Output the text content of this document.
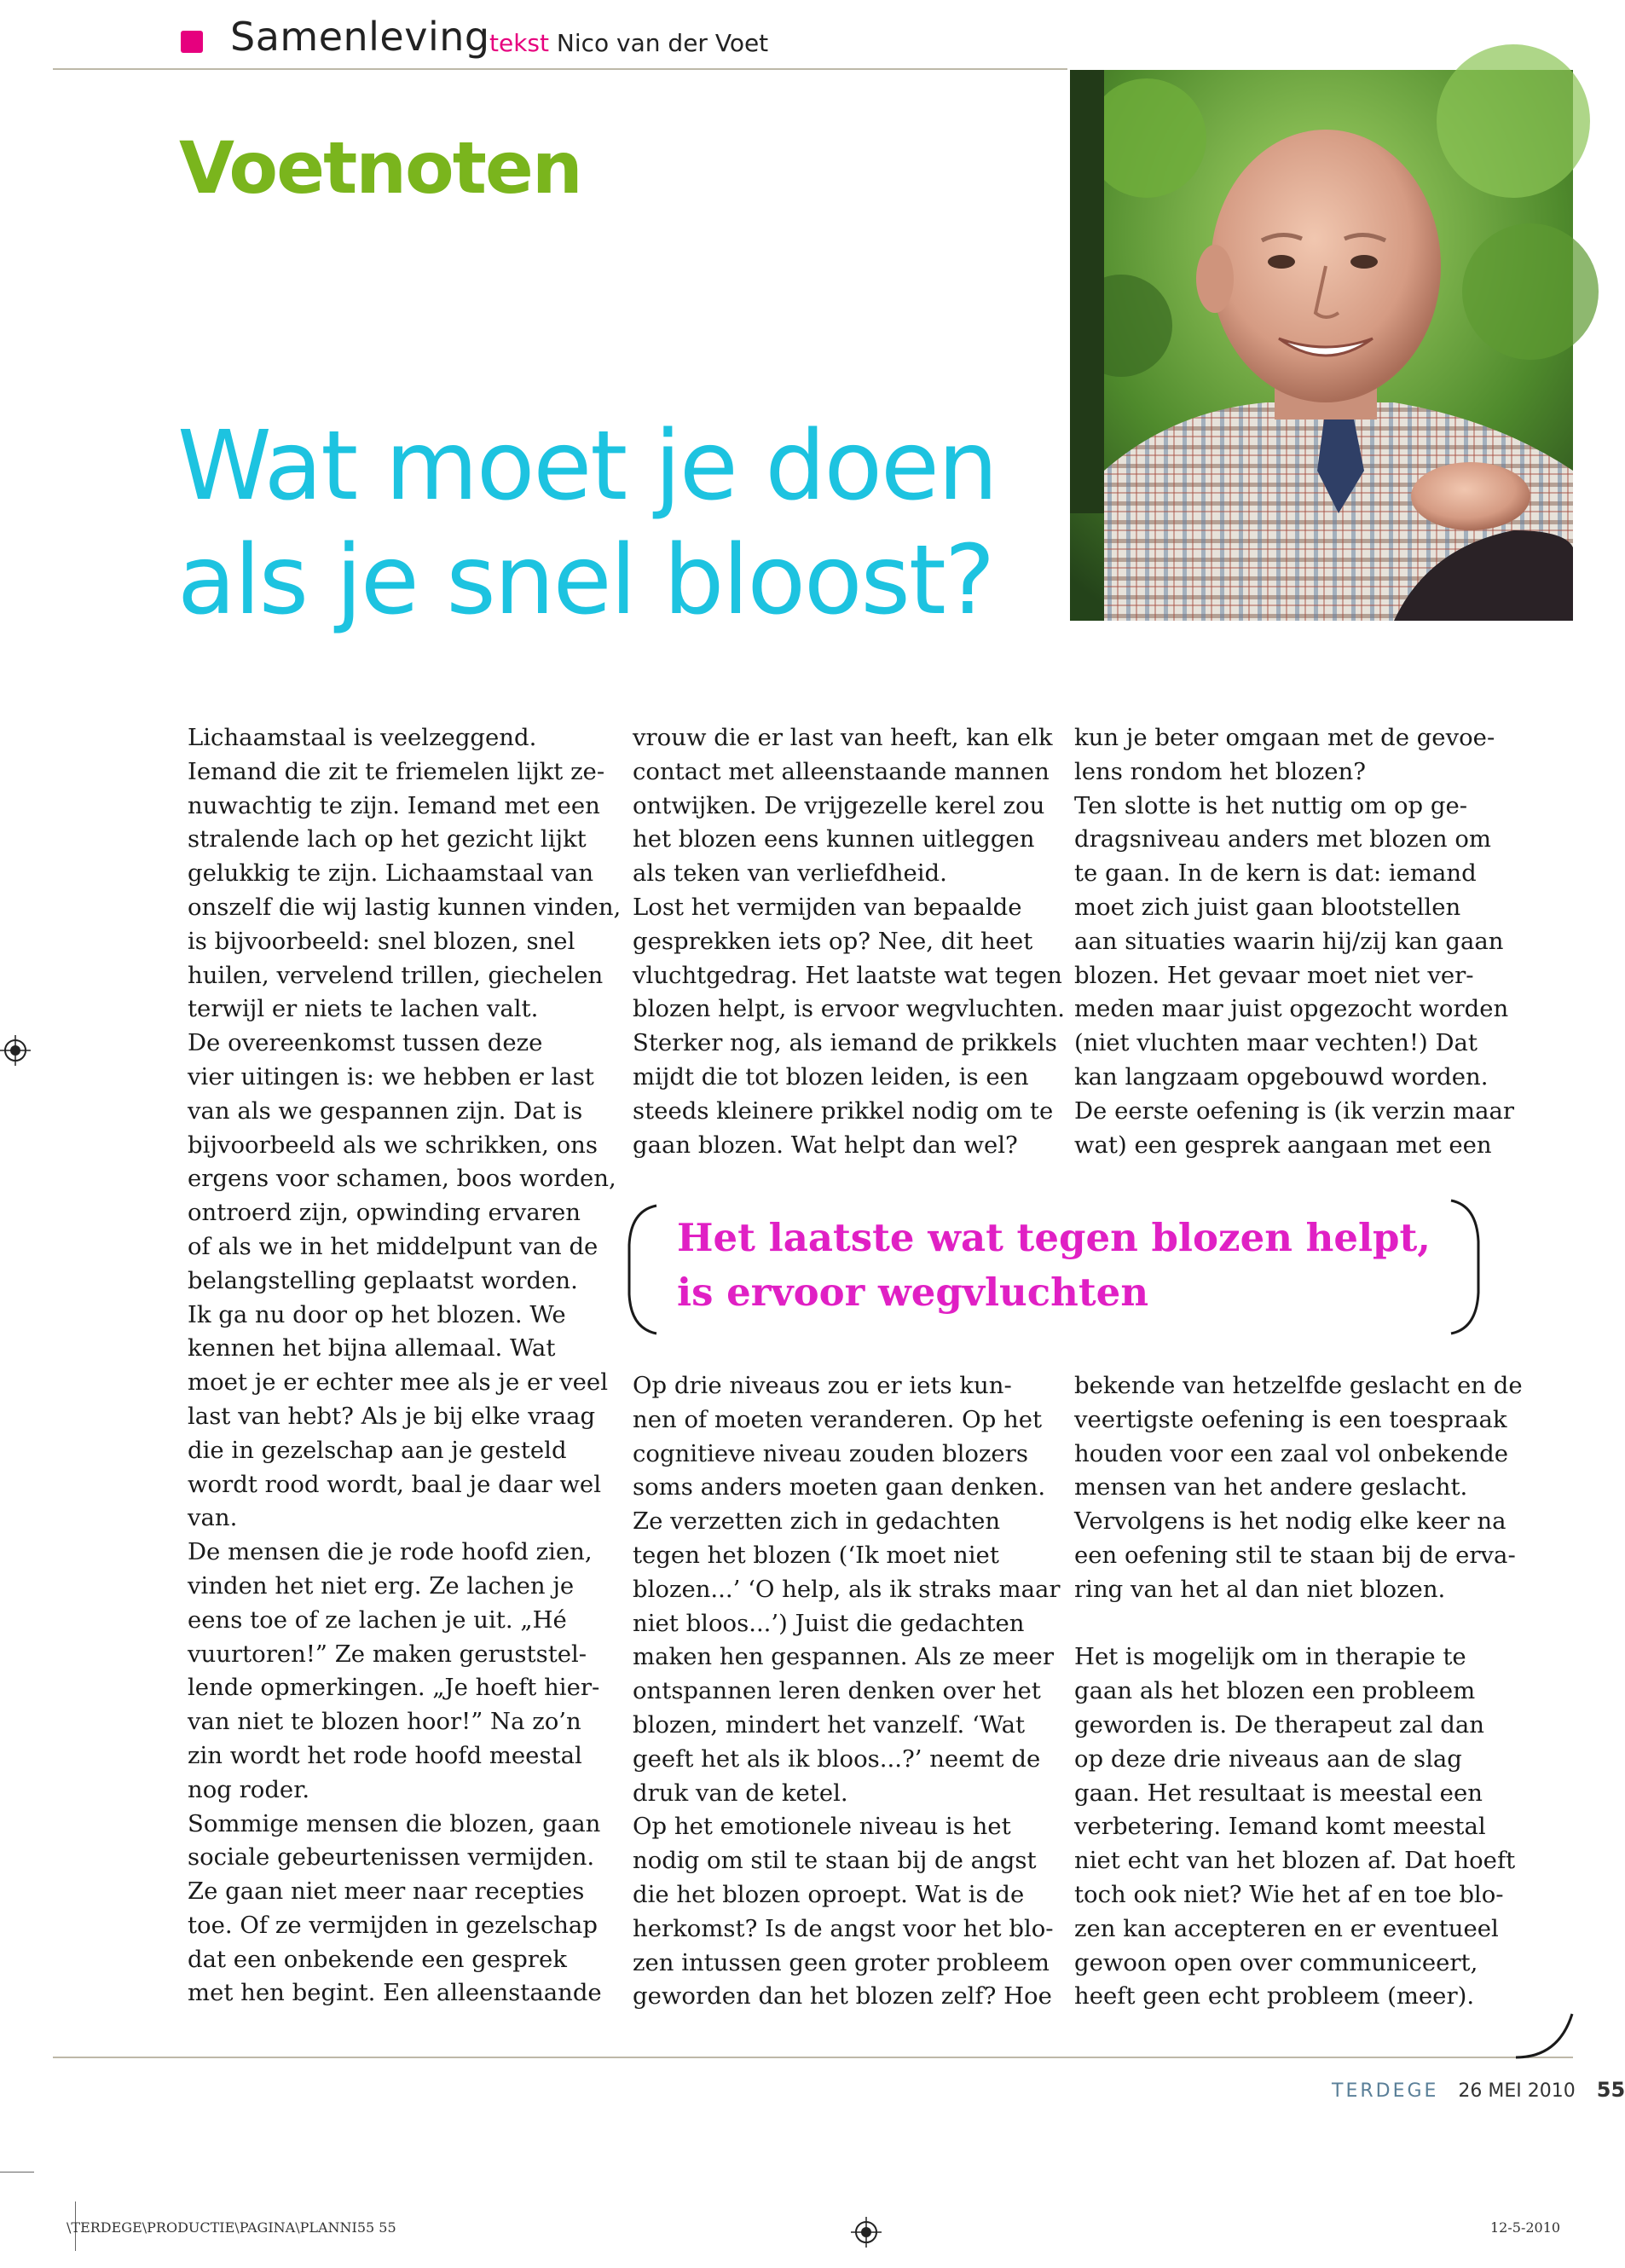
Samenleving tekst Nico van der Voet
Voetnoten
Wat moet je doen
als je snel bloost?
Lichaamstaal is veelzeggend.
Iemand die zit te friemelen lijkt ze-
nuwachtig te zijn. Iemand met een
stralende lach op het gezicht lijkt
gelukkig te zijn. Lichaamstaal van
onszelf die wij lastig kunnen vinden,
is bijvoorbeeld: snel blozen, snel
huilen, vervelend trillen, giechelen
terwijl er niets te lachen valt.
De overeenkomst tussen deze
vier uitingen is: we hebben er last
van als we gespannen zijn. Dat is
bijvoorbeeld als we schrikken, ons
ergens voor schamen, boos worden,
ontroerd zijn, opwinding ervaren
of als we in het middelpunt van de
belangstelling geplaatst worden.
Ik ga nu door op het blozen. We
kennen het bijna allemaal. Wat
moet je er echter mee als je er veel
last van hebt? Als je bij elke vraag
die in gezelschap aan je gesteld
wordt rood wordt, baal je daar wel
van.
De mensen die je rode hoofd zien,
vinden het niet erg. Ze lachen je
eens toe of ze lachen je uit. „Hé
vuurtoren!” Ze maken geruststel-
lende opmerkingen. „Je hoeft hier-
van niet te blozen hoor!” Na zo’n
zin wordt het rode hoofd meestal
nog roder.
Sommige mensen die blozen, gaan
sociale gebeurtenissen vermijden.
Ze gaan niet meer naar recepties
toe. Of ze vermijden in gezelschap
dat een onbekende een gesprek
met hen begint. Een alleenstaande
vrouw die er last van heeft, kan elk
contact met alleenstaande mannen
ontwijken. De vrijgezelle kerel zou
het blozen eens kunnen uitleggen
als teken van verliefdheid.
Lost het vermijden van bepaalde
gesprekken iets op? Nee, dit heet
vluchtgedrag. Het laatste wat tegen
blozen helpt, is ervoor wegvluchten.
Sterker nog, als iemand de prikkels
mijdt die tot blozen leiden, is een
steeds kleinere prikkel nodig om te
gaan blozen. Wat helpt dan wel?
kun je beter omgaan met de gevoe-
lens rondom het blozen?
Ten slotte is het nuttig om op ge-
dragsniveau anders met blozen om
te gaan. In de kern is dat: iemand
moet zich juist gaan blootstellen
aan situaties waarin hij/zij kan gaan
blozen. Het gevaar moet niet ver-
meden maar juist opgezocht worden
(niet vluchten maar vechten!) Dat
kan langzaam opgebouwd worden.
De eerste oefening is (ik verzin maar
wat) een gesprek aangaan met een
Het laatste wat tegen blozen helpt,
is ervoor wegvluchten
Op drie niveaus zou er iets kun-
nen of moeten veranderen. Op het
cognitieve niveau zouden blozers
soms anders moeten gaan denken.
Ze verzetten zich in gedachten
tegen het blozen (‘Ik moet niet
blozen...’ ‘O help, als ik straks maar
niet bloos...’) Juist die gedachten
maken hen gespannen. Als ze meer
ontspannen leren denken over het
blozen, mindert het vanzelf. ‘Wat
geeft het als ik bloos...?’ neemt de
druk van de ketel.
Op het emotionele niveau is het
nodig om stil te staan bij de angst
die het blozen oproept. Wat is de
herkomst? Is de angst voor het blo-
zen intussen geen groter probleem
geworden dan het blozen zelf? Hoe
bekende van hetzelfde geslacht en de
veertigste oefening is een toespraak
houden voor een zaal vol onbekende
mensen van het andere geslacht.
Vervolgens is het nodig elke keer na
een oefening stil te staan bij de erva-
ring van het al dan niet blozen.
Het is mogelijk om in therapie te
gaan als het blozen een probleem
geworden is. De therapeut zal dan
op deze drie niveaus aan de slag
gaan. Het resultaat is meestal een
verbetering. Iemand komt meestal
niet echt van het blozen af. Dat hoeft
toch ook niet? Wie het af en toe blo-
zen kan accepteren en er eventueel
gewoon open over communiceert,
heeft geen echt probleem (meer).
TERDEGE 26 MEI 2010 55
\TERDEGE\PRODUCTIE\PAGINA\PLANNI55 55	12-5-2010
